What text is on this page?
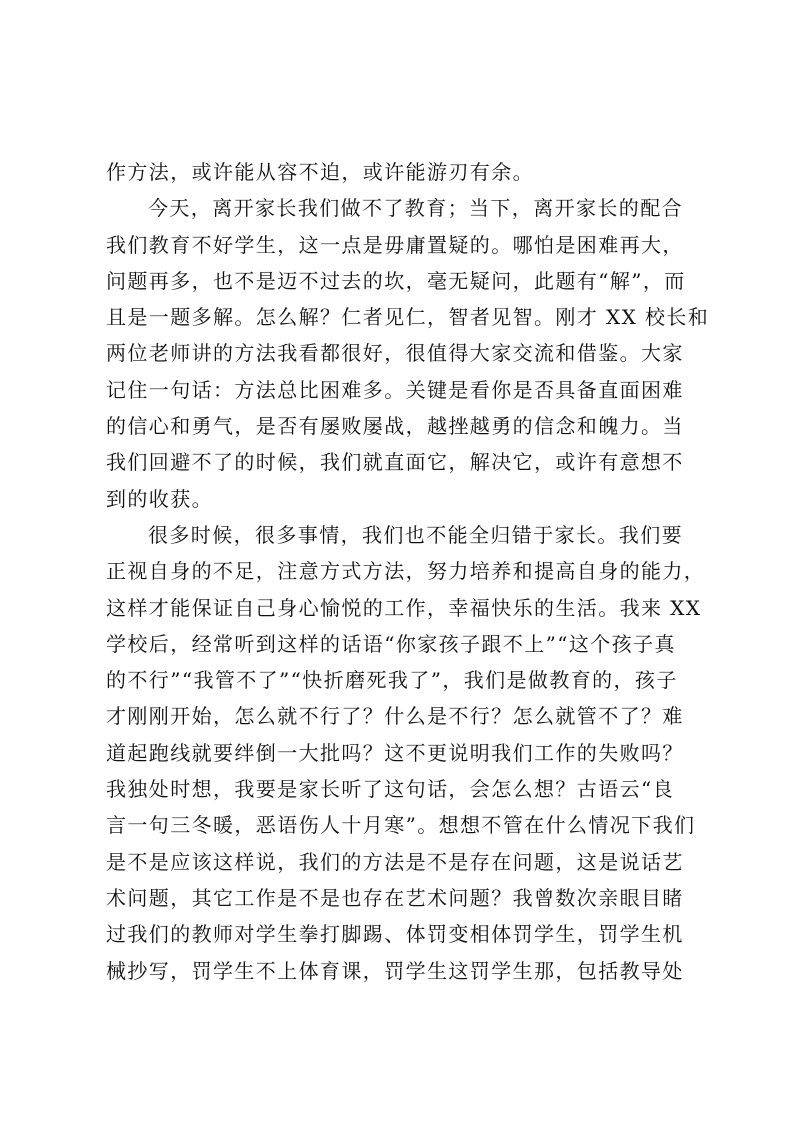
作方法，或许能从容不迫，或许能游刃有余。
今天，离开家长我们做不了教育；当下，离开家长的配合
我们教育不好学生，这一点是毋庸置疑的。哪怕是困难再大，
问题再多，也不是迈不过去的坎，毫无疑问，此题有“解”，而
且是一题多解。怎么解？仁者见仁，智者见智。刚才 XX 校长和
两位老师讲的方法我看都很好，很值得大家交流和借鉴。大家
记住一句话：方法总比困难多。关键是看你是否具备直面困难
的信心和勇气，是否有屡败屡战，越挫越勇的信念和魄力。当
我们回避不了的时候，我们就直面它，解决它，或许有意想不
到的收获。
很多时候，很多事情，我们也不能全归错于家长。我们要
正视自身的不足，注意方式方法，努力培养和提高自身的能力，
这样才能保证自己身心愉悦的工作，幸福快乐的生活。我来 XX
学校后，经常听到这样的话语“你家孩子跟不上”“这个孩子真
的不行”“我管不了”“快折磨死我了”，我们是做教育的，孩子
才刚刚开始，怎么就不行了？什么是不行？怎么就管不了？难
道起跑线就要绊倒一大批吗？这不更说明我们工作的失败吗？
我独处时想，我要是家长听了这句话，会怎么想？古语云“良
言一句三冬暖，恶语伤人十月寒”。想想不管在什么情况下我们
是不是应该这样说，我们的方法是不是存在问题，这是说话艺
术问题，其它工作是不是也存在艺术问题？我曾数次亲眼目睹
过我们的教师对学生拳打脚踢、体罚变相体罚学生，罚学生机
械抄写，罚学生不上体育课，罚学生这罚学生那，包括教导处
